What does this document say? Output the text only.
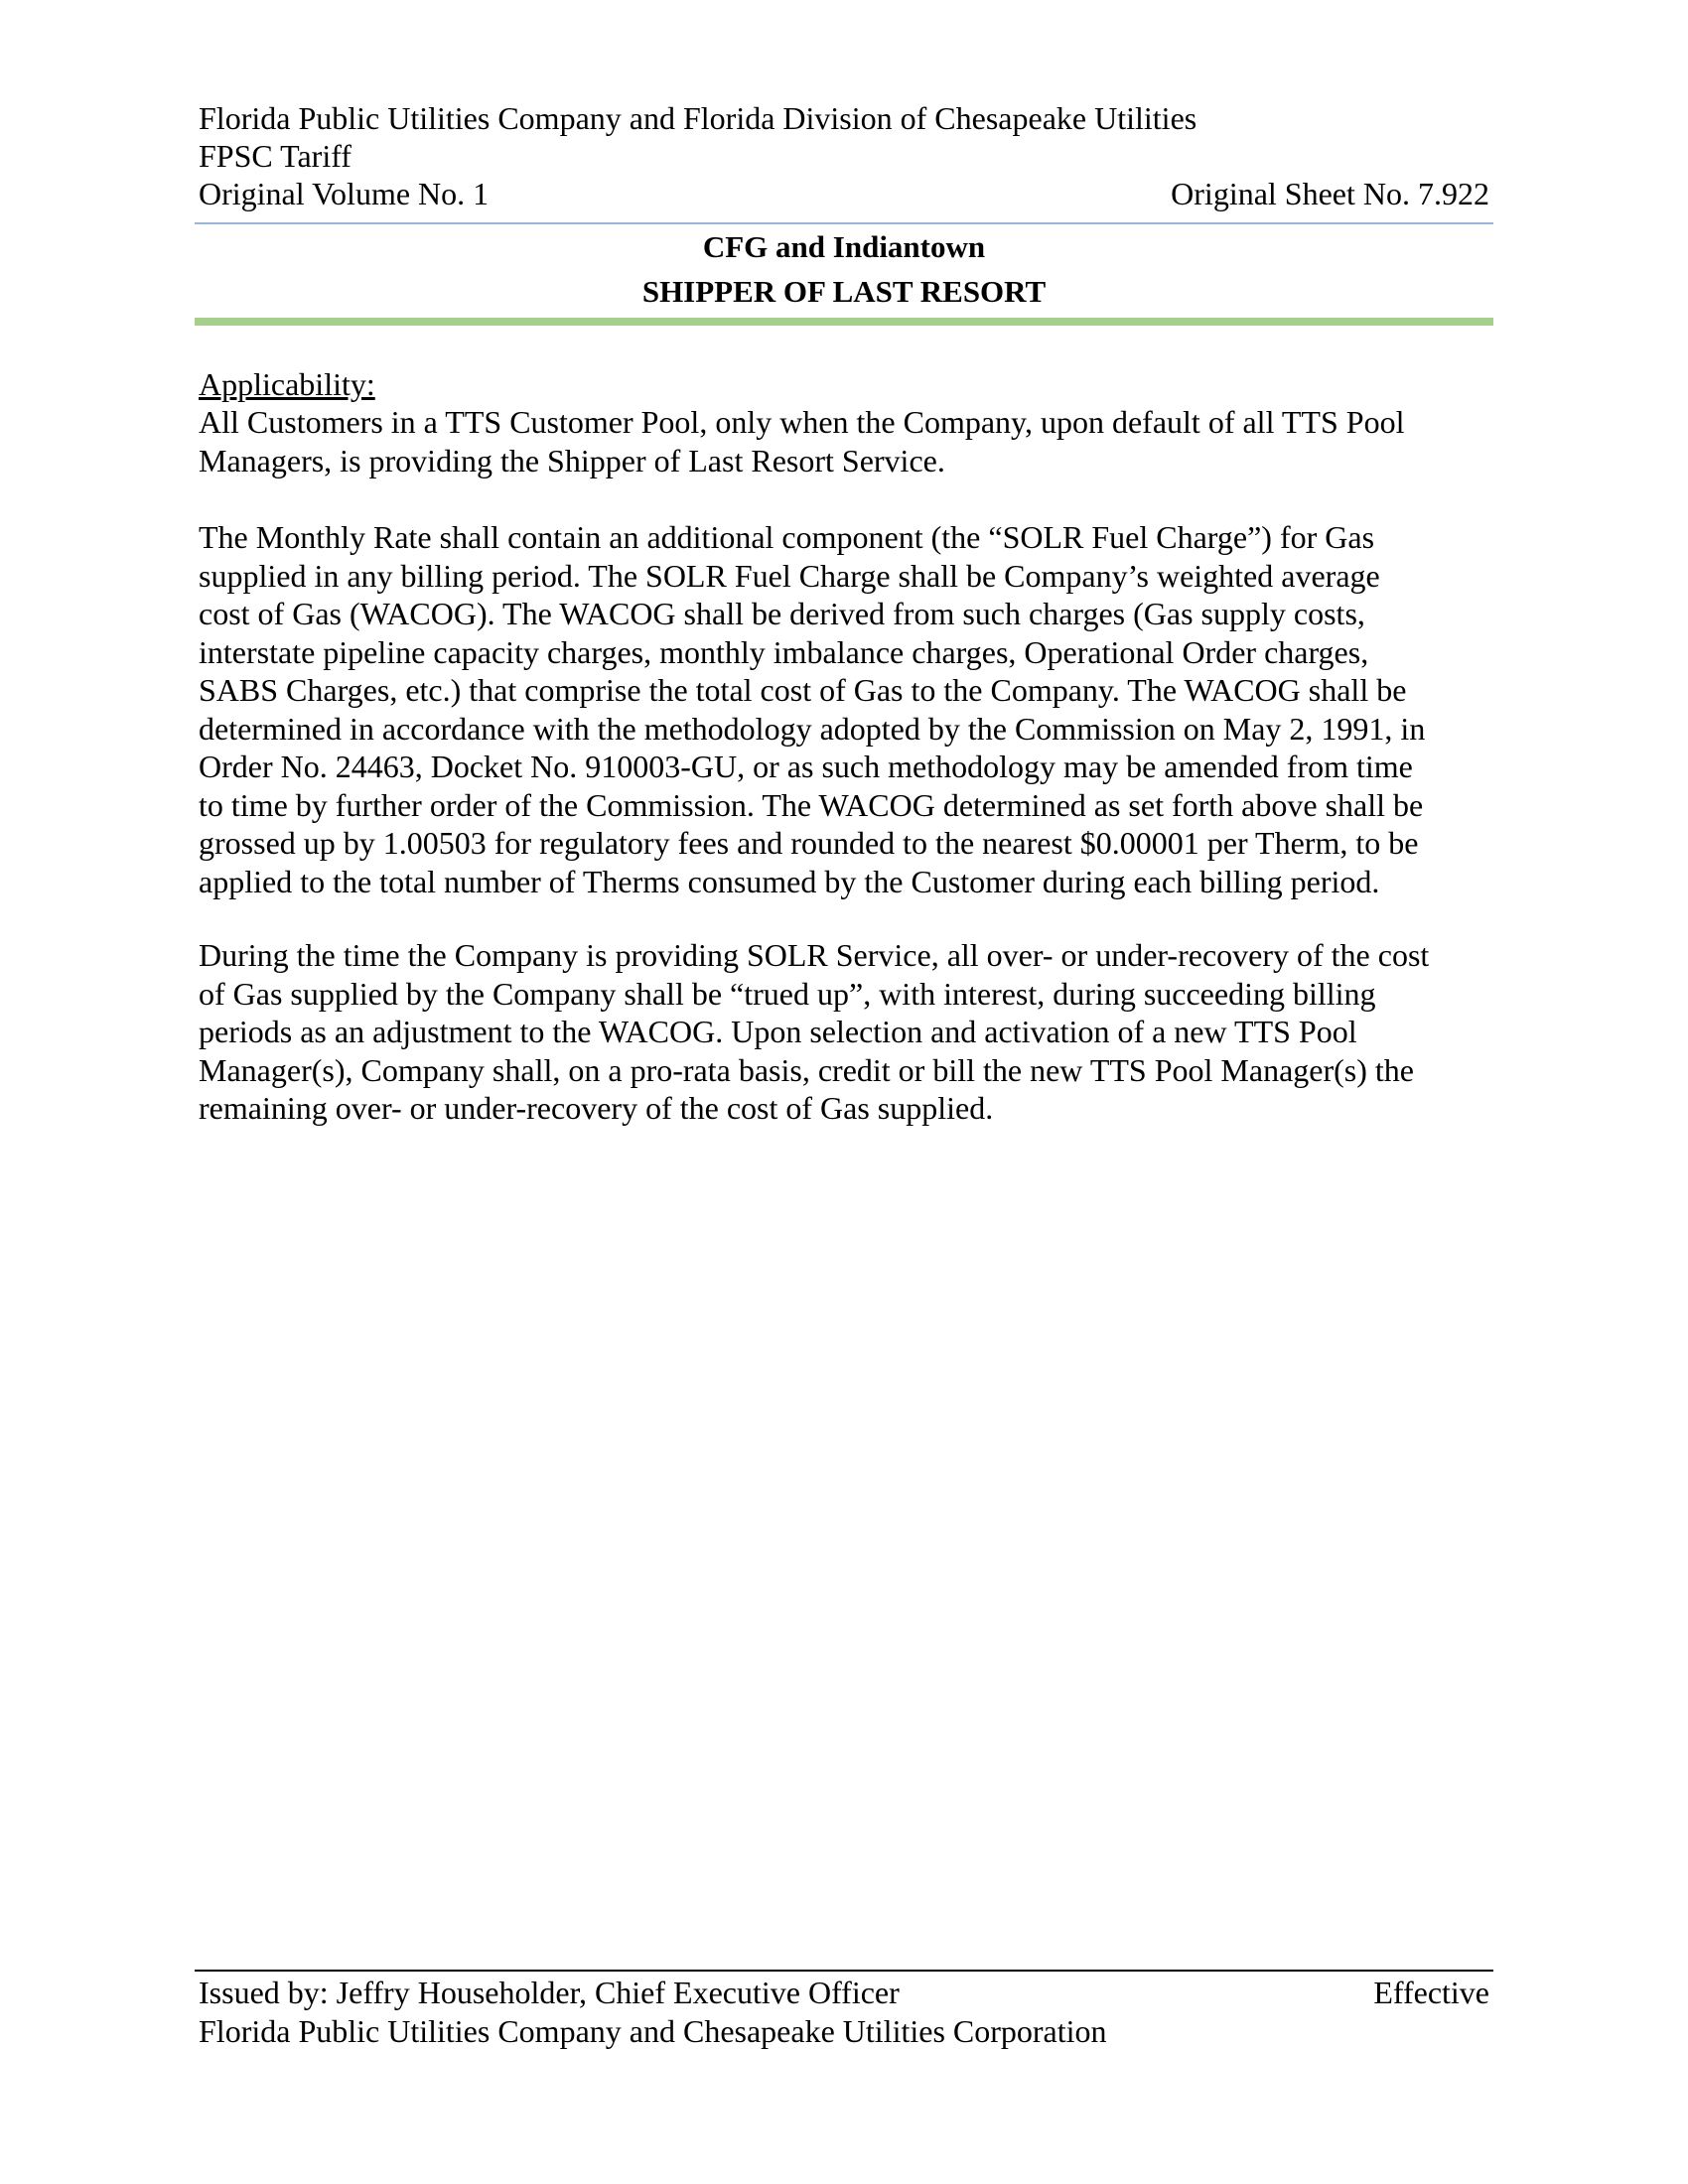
Florida Public Utilities Company and Florida Division of Chesapeake Utilities
FPSC Tariff
Original Volume No. 1	Original Sheet No. 7.922
CFG and Indiantown
SHIPPER OF LAST RESORT
Applicability:
All Customers in a TTS Customer Pool, only when the Company, upon default of all TTS Pool
Managers, is providing the Shipper of Last Resort Service.
The Monthly Rate shall contain an additional component (the “SOLR Fuel Charge”) for Gas
supplied in any billing period. The SOLR Fuel Charge shall be Company’s weighted average
cost of Gas (WACOG). The WACOG shall be derived from such charges (Gas supply costs,
interstate pipeline capacity charges, monthly imbalance charges, Operational Order charges,
SABS Charges, etc.) that comprise the total cost of Gas to the Company. The WACOG shall be
determined in accordance with the methodology adopted by the Commission on May 2, 1991, in
Order No. 24463, Docket No. 910003-GU, or as such methodology may be amended from time
to time by further order of the Commission. The WACOG determined as set forth above shall be
grossed up by 1.00503 for regulatory fees and rounded to the nearest $0.00001 per Therm, to be
applied to the total number of Therms consumed by the Customer during each billing period.
During the time the Company is providing SOLR Service, all over- or under-recovery of the cost
of Gas supplied by the Company shall be “trued up”, with interest, during succeeding billing
periods as an adjustment to the WACOG. Upon selection and activation of a new TTS Pool
Manager(s), Company shall, on a pro-rata basis, credit or bill the new TTS Pool Manager(s) the
remaining over- or under-recovery of the cost of Gas supplied.
Issued by: Jeffry Householder, Chief Executive Officer	Effective
Florida Public Utilities Company and Chesapeake Utilities Corporation
